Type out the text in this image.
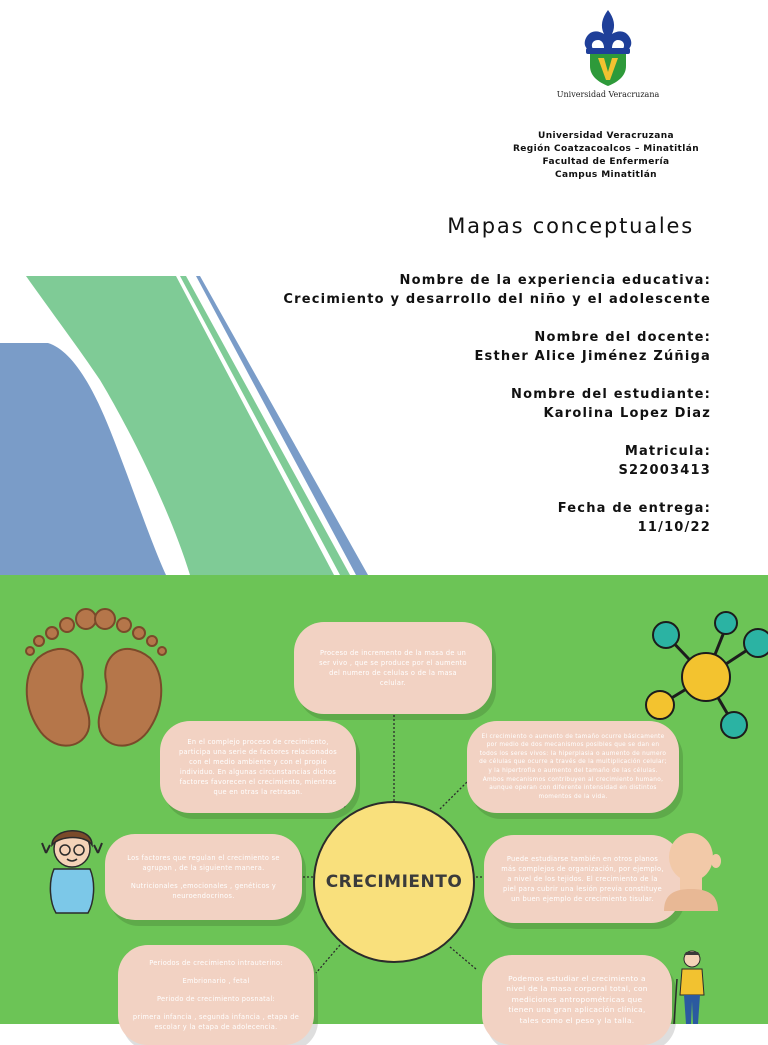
Universidad Veracruzana
Universidad Veracruzana
Región Coatzacoalcos – Minatitlán
Facultad de Enfermería
Campus Minatitlán
Mapas conceptuales
Nombre de la experiencia educativa:
Crecimiento y desarrollo del niño y el adolescente
Nombre del docente:
Esther Alice Jiménez Zúñiga
Nombre del estudiante:
Karolina Lopez Diaz
Matricula:
S22003413
Fecha de entrega:
11/10/22

Proceso de incremento de la masa de un ser vivo , que se produce por el aumento del numero de celulas o de la masa celular.

En el complejo proceso de crecimiento, participa una serie de factores relacionados con el medio ambiente y con el propio individuo. En algunas circunstancias dichos factores favorecen el crecimiento, mientras que en otras la retrasan.

El crecimiento o aumento de tamaño ocurre básicamente por medio de dos mecanismos posibles que se dan en todos los seres vivos: la hiperplasia o aumento de numero de células que ocurre a través de la multiplicación celular; y la hipertrofia o aumento del tamaño de las células. Ambos mecanismos contribuyen al crecimiento humano, aunque operan con diferente intensidad en distintos momentos de la vida.

Los factores que regulan el crecimiento se agrupan , de la siguiente manera.

Nutricionales ,emocionales , genéticos y neuroendocrinos.

CRECIMIENTO

Puede estudiarse también en otros planos más complejos de organización, por ejemplo, a nivel de los tejidos. El crecimiento de la piel para cubrir una lesión previa constituye un buen ejemplo de crecimiento tisular.

Periodos de crecimiento intrauterino:

Embrionario , fetal

Periodo de crecimiento posnatal:

primera infancia , segunda infancia , etapa de escolar y la etapa de adolecencia.

Podemos estudiar el crecimiento a nivel de la masa corporal total, con mediciones antropométricas que tienen una gran aplicación clínica, tales como el peso y la talla.
